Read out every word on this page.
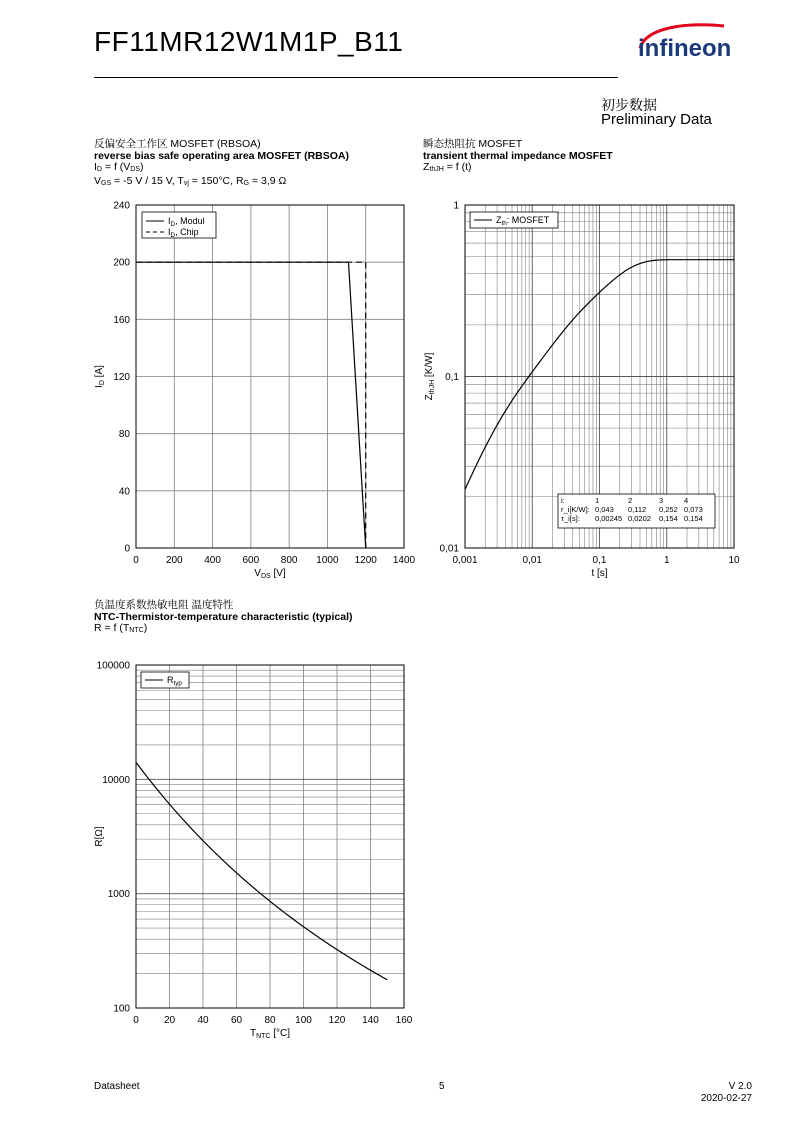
FF11MR12W1M1P_B11	infineon
初步数据
Preliminary Data
反偏安全工作区 MOSFET (RBSOA)
reverse bias safe operating area MOSFET (RBSOA)
$I_D = f$ $(V_{DS})$
$V_{GS} = -5$ V / 15 V, $T_{vj} = 150^\circ C$, $R_G = 3,9$ Ω
瞬态热阻抗 MOSFET
transient thermal impedance MOSFET
$Z_{thJH} = f$ (t)
负温度系数热敏电阻 温度特性
NTC-Thermistor-temperature characteristic (typical)
R = f $(T_{NTC})$
0	200 400 600 800 1000 1200 1400
0
40
80
120
160
200
240
$I_D$, Modul
$I_D$, Chip
$V_{DS}$ [V]
$I_D$ [A]
0,001	0,01	0,1	1	10
0,01
0,1
1
$Z_{th}$: MOSFET
i:	1	2	3	4
r_i[K/W]: 0,043 0,112 0,252 0,073
τ_i[s]: 0,00245 0,0202 0,154 0,154
t [s]
$Z_{thJH}$ [K/W]
0	20 40 60 80 100 120 140 160
100
1000
10000
100000
$R_{typ}$
$T_{NTC}$ [°C]
R[Ω]
Datasheet	5	V 2.0
2020-02-27
